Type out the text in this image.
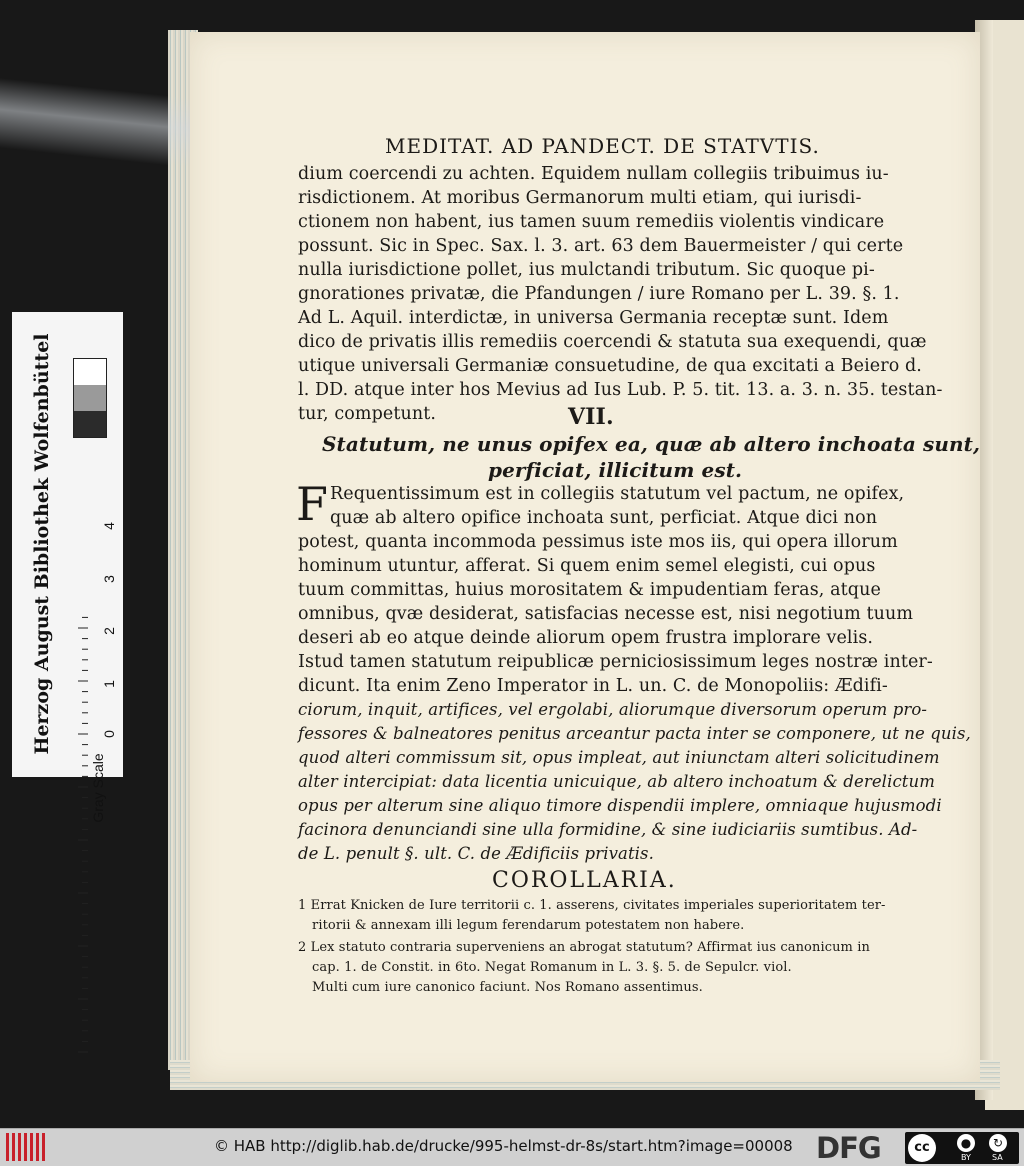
MEDITAT. AD PANDECT. DE STATVTIS.
dium coercendi zu achten. Equidem nullam collegiis tribuimus iu-
risdictionem. At moribus Germanorum multi etiam, qui iurisdi-
ctionem non habent, ius tamen suum remediis violentis vindicare
possunt. Sic in Spec. Sax. l. 3. art. 63 dem Bauermeister / qui certe
nulla iurisdictione pollet, ius mulctandi tributum. Sic quoque pi-
gnorationes privatæ, die Pfandungen / iure Romano per L. 39. §. 1.
Ad L. Aquil. interdictæ, in universa Germania receptæ sunt. Idem
dico de privatis illis remediis coercendi & statuta sua exequendi, quæ
utique universali Germaniæ consuetudine, de qua excitati a Beiero d.
l. DD. atque inter hos Mevius ad Ius Lub. P. 5. tit. 13. a. 3. n. 35. testan-
tur, competunt.	VII.
Statutum, ne unus opifex ea, quæ ab altero inchoata sunt,
perficiat, illicitum est.
F Requentissimum est in collegiis statutum vel pactum, ne opifex,
quæ ab altero opifice inchoata sunt, perficiat. Atque dici non
potest, quanta incommoda pessimus iste mos iis, qui opera illorum
hominum utuntur, afferat. Si quem enim semel elegisti, cui opus
tuum committas, huius morositatem & impudentiam feras, atque
omnibus, qvæ desiderat, satisfacias necesse est, nisi negotium tuum
deseri ab eo atque deinde aliorum opem frustra implorare velis.
Istud tamen statutum reipublicæ perniciosissimum leges nostræ inter-
dicunt. Ita enim Zeno Imperator in L. un. C. de Monopoliis: Ædifi-
ciorum, inquit, artifices, vel ergolabi, aliorumque diversorum operum pro-
fessores & balneatores penitus arceantur pacta inter se componere, ut ne quis,
quod alteri commissum sit, opus impleat, aut iniunctam alteri solicitudinem
alter intercipiat: data licentia unicuique, ab altero inchoatum & derelictum
opus per alterum sine aliquo timore dispendii implere, omniaque hujusmodi
facinora denunciandi sine ulla formidine, & sine iudiciariis sumtibus. Ad-
de L. penult §. ult. C. de Ædificiis privatis.
COROLLARIA.
1 Errat Knicken de Iure territorii c. 1. asserens, civitates imperiales superioritatem ter-
ritorii & annexam illi legum ferendarum potestatem non habere.
2 Lex statuto contraria superveniens an abrogat statutum? Affirmat ius canonicum in
cap. 1. de Constit. in 6to. Negat Romanum in L. 3. §. 5. de Sepulcr. viol.
Multi cum iure canonico faciunt. Nos Romano assentimus.
Herzog August Bibliothek Wolfenbüttel
Gray Scale
0
1
2
3
4
© HAB http://diglib.hab.de/drucke/995-helmst-dr-8s/start.htm?image=00008 DFG	cc	●	↻
BY	SA
